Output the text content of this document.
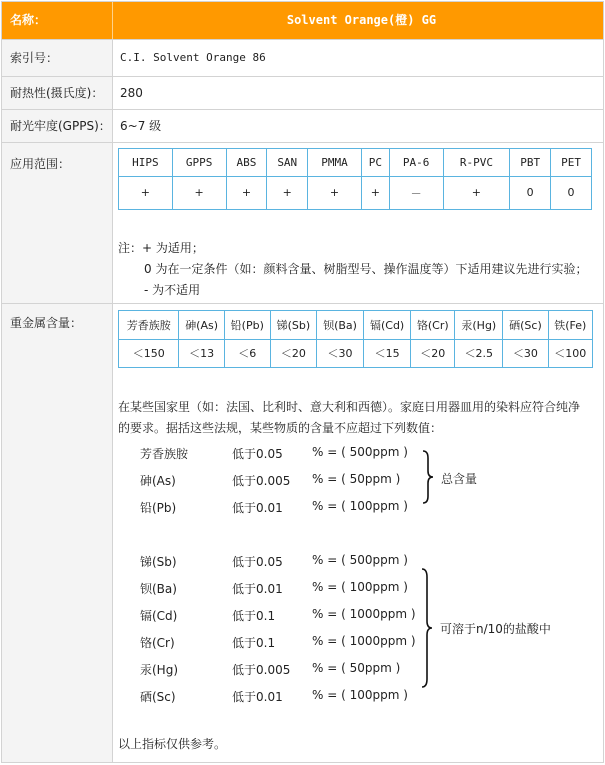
名称：	Solvent Orange(橙) GG
索引号：	C.I. Solvent Orange 86
耐热性(摄氏度)：	280
耐光牢度(GPPS)： 6~7 级
应用范围：	HIPS	GPPS	ABS	SAN	PMMA	PC	PA-6	R-PVC	PBT	PET
+	+	+	+	+	+	－	+	0	0
注：+ 为适用；
0 为在一定条件（如：颜料含量、树脂型号、操作温度等）下适用建议先进行实验；
- 为不适用
重金属含量：	芳香族胺	砷(As)	铅(Pb)	锑(Sb)	钡(Ba)	镉(Cd)	铬(Cr)	汞(Hg)	硒(Sc)	铁(Fe)
＜150	＜13	＜6	＜20	＜30	＜15	＜20	＜2.5	＜30	＜100
在某些国家里（如：法国、比利时、意大利和西德）。家庭日用器皿用的染料应符合纯净
的要求。据括这些法规，某些物质的含量不应超过下列数值：
芳香族胺	低于0.05 % = ( 500ppm )
砷(As)	低于0.005 % = ( 50ppm )
铅(Pb)	低于0.01 % = ( 100ppm )
总含量
锑(Sb)	低于0.05 % = ( 500ppm )
钡(Ba)	低于0.01 % = ( 100ppm )
镉(Cd)	低于0.1	% = ( 1000ppm )
铬(Cr)	低于0.1	% = ( 1000ppm )
汞(Hg)	低于0.005 % = ( 50ppm )
硒(Sc)	低于0.01 % = ( 100ppm )
可溶于n/10的盐酸中
以上指标仅供参考。
